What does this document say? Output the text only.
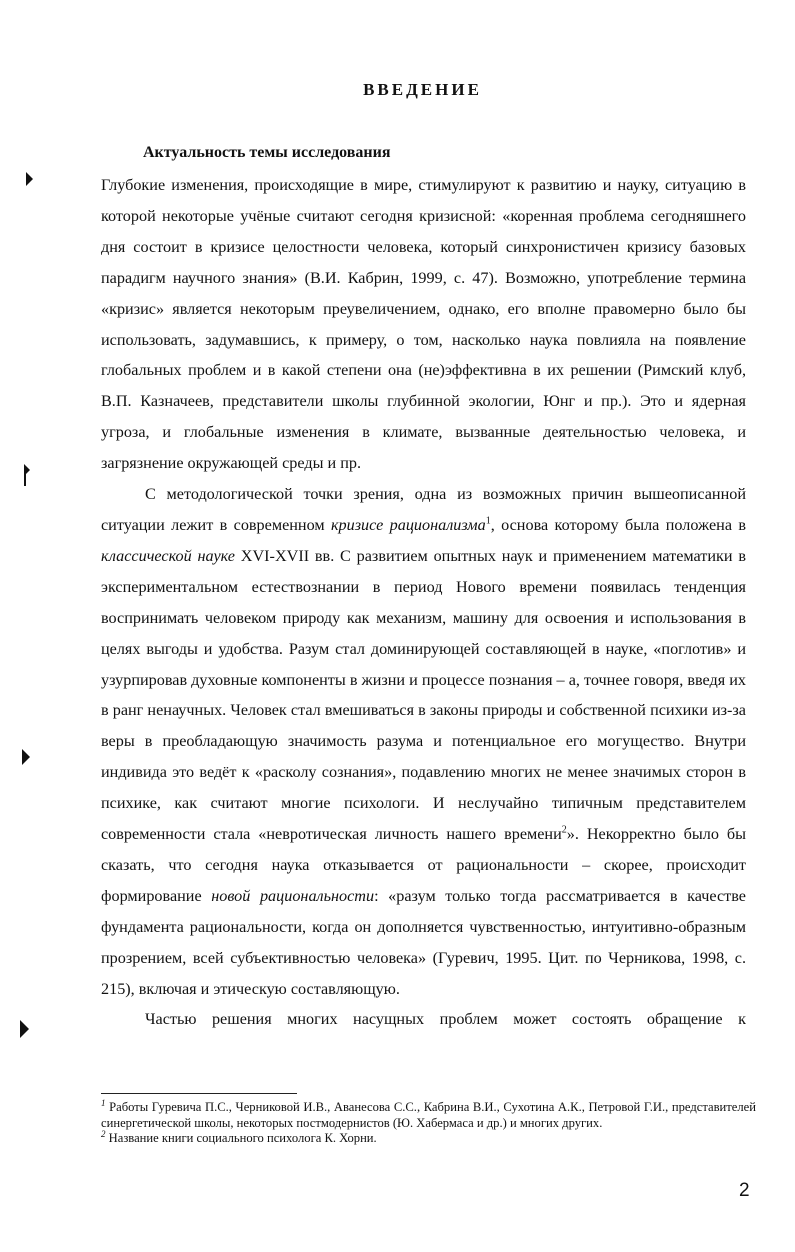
ВВЕДЕНИЕ
Актуальность темы исследования

Глубокие изменения, происходящие в мире, стимулируют к развитию и науку, ситуацию в которой некоторые учёные считают сегодня кризисной: «коренная проблема сегодняшнего дня состоит в кризисе целостности человека, который синхронистичен кризису базовых парадигм научного знания» (В.И. Кабрин, 1999, с. 47). Возможно, употребление термина «кризис» является некоторым преувеличением, однако, его вполне правомерно было бы использовать, задумавшись, к примеру, о том, насколько наука повлияла на появление глобальных проблем и в какой степени она (не)эффективна в их решении (Римский клуб, В.П. Казначеев, представители школы глубинной экологии, Юнг и пр.). Это и ядерная угроза, и глобальные изменения в климате, вызванные деятельностью человека, и загрязнение окружающей среды и пр.

С методологической точки зрения, одна из возможных причин вышеописанной ситуации лежит в современном кризисе рационализма$^1$, основа которому была положена в классической науке XVI-XVII вв. С развитием опытных наук и применением математики в экспериментальном естествознании в период Нового времени появилась тенденция воспринимать человеком природу как механизм, машину для освоения и использования в целях выгоды и удобства. Разум стал доминирующей составляющей в науке, «поглотив» и узурпировав духовные компоненты в жизни и процессе познания – а, точнее говоря, введя их в ранг ненаучных. Человек стал вмешиваться в законы природы и собственной психики из-за веры в преобладающую значимость разума и потенциальное его могущество. Внутри индивида это ведёт к «расколу сознания», подавлению многих не менее значимых сторон в психике, как считают многие психологи. И неслучайно типичным представителем современности стала «невротическая личность нашего времени$^2$». Некорректно было бы сказать, что сегодня наука отказывается от рациональности – скорее, происходит формирование новой рациональности: «разум только тогда рассматривается в качестве фундамента рациональности, когда он дополняется чувственностью, интуитивно-образным прозрением, всей субъективностью человека» (Гуревич, 1995. Цит. по Черникова, 1998, с. 215), включая и этическую составляющую.

Частью решения многих насущных проблем может состоять обращение к

$^1$ Работы Гуревича П.С., Черниковой И.В., Аванесова С.С., Кабрина В.И., Сухотина А.К., Петровой Г.И., представителей синергетической школы, некоторых постмодернистов (Ю. Хабермаса и др.) и многих других.

$^2$ Название книги социального психолога К. Хорни.

2
